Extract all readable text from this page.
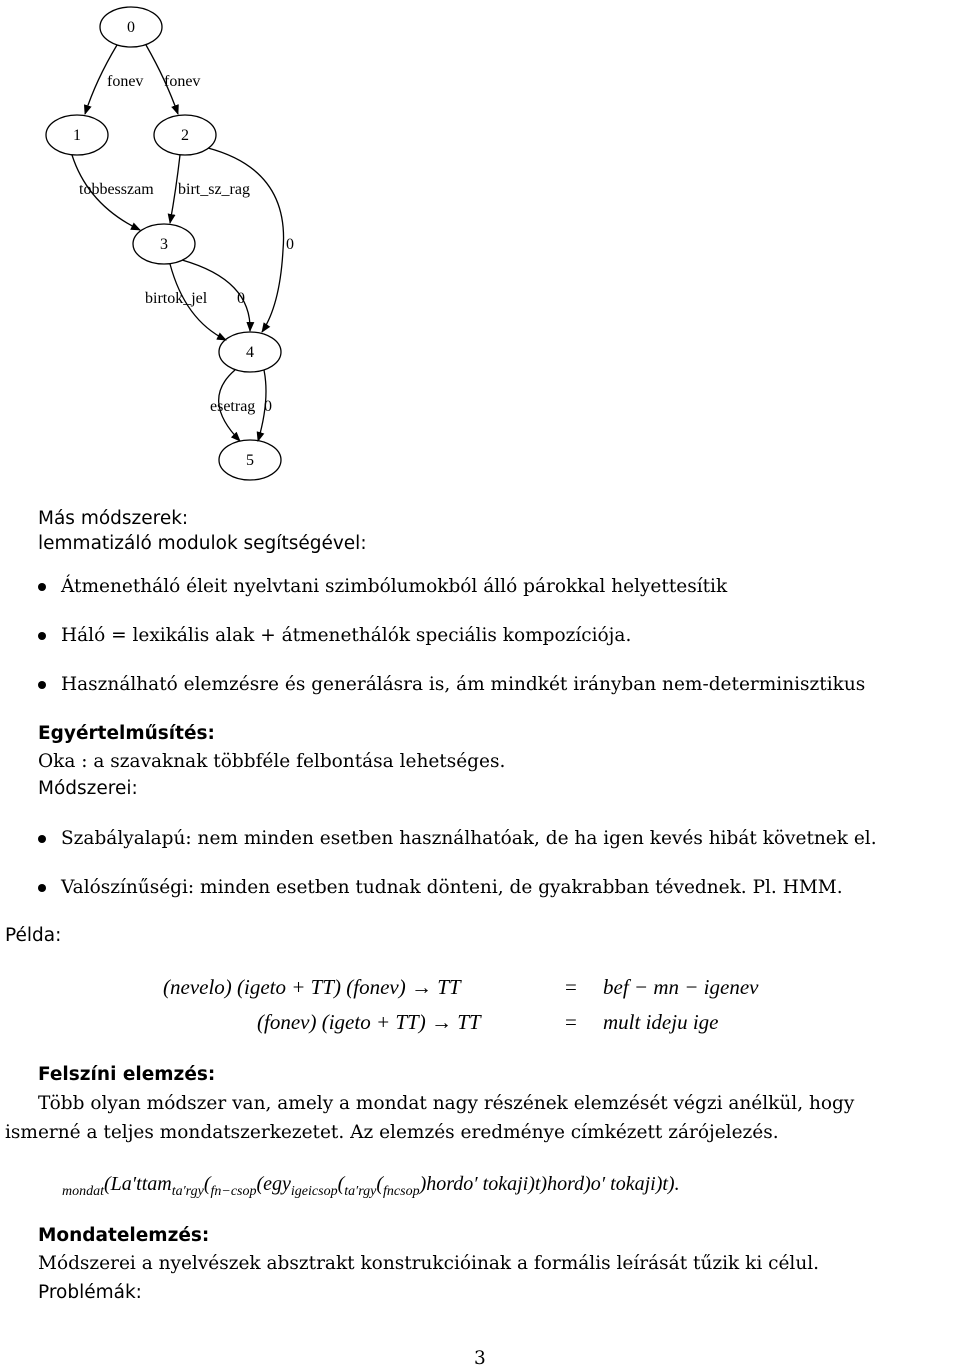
0
1	2
3
4
5
fonev fonev
tobbesszam birt_sz_rag
0
birtok_jel 0
esetrag 0
Más módszerek:
lemmatizáló modulok segítségével:
Átmenetháló éleit nyelvtani szimbólumokból álló párokkal helyettesítik
Háló = lexikális alak + átmenethálók speciális kompozíciója.
Használható elemzésre és generálásra is, ám mindkét irányban nem-determinisztikus
Egyértelműsítés:
Oka : a szavaknak többféle felbontása lehetséges.
Módszerei:
Szabályalapú: nem minden esetben használhatóak, de ha igen kevés hibát követnek el.
Valószínűségi: minden esetben tudnak dönteni, de gyakrabban tévednek. Pl. HMM.
Példa:
(nevelo) (igeto + TT) (fonev) → TT	= bef − mn − igenev
(fonev) (igeto + TT) → TT	= mult ideju ige
Felszíni elemzés:
Több olyan módszer van, amely a mondat nagy részének elemzését végzi anélkül, hogy
ismerné a teljes mondatszerkezetet. Az elemzés eredménye címkézett zárójelezés.
$_{mondat}(La'ttam_{ta'rgy}(_{fn-csop}(egy_{igeicsop}(_{ta'rgy}(_{fncsop})hordo'$ tokaji)t)hord)o′ tokaji)t).
Mondatelemzés:
Módszerei a nyelvészek absztrakt konstrukcióinak a formális leírását tűzik ki célul.
Problémák:
3
